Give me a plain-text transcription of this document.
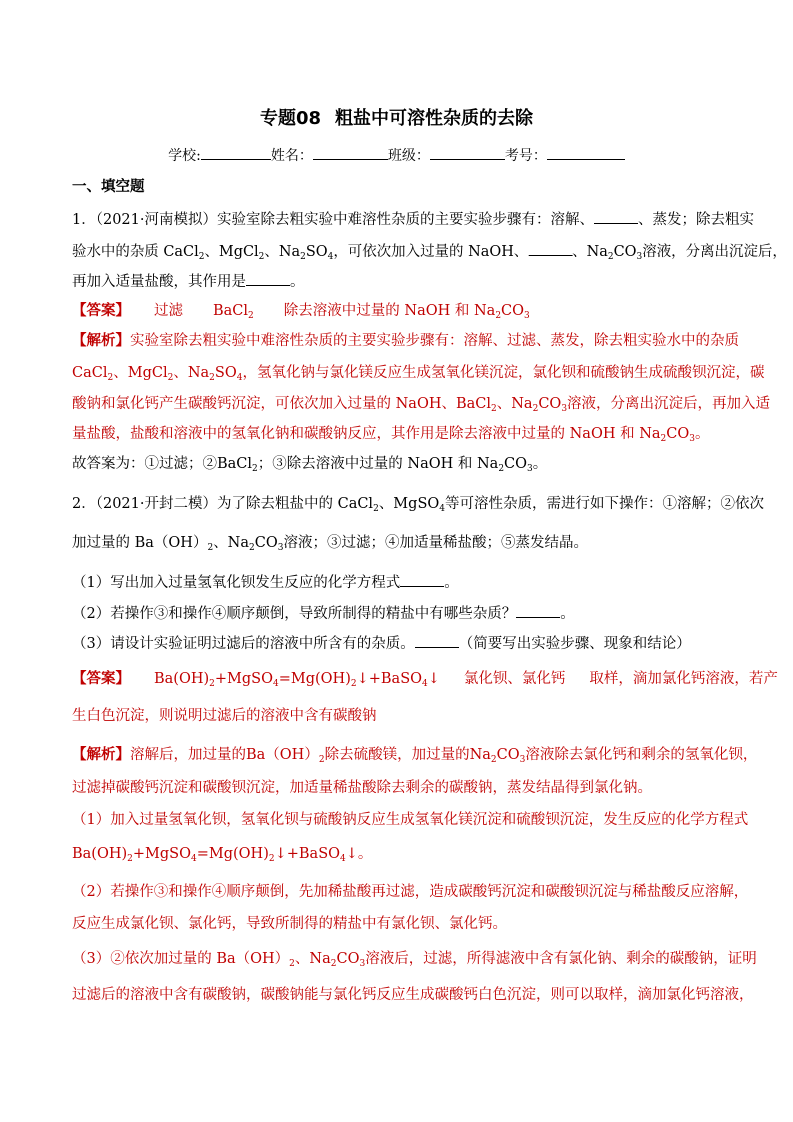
专题08 粗盐中可溶性杂质的去除
学校:	姓名：	班级：	考号：
一、填空题
1．（2021·河南模拟）实验室除去粗实验中难溶性杂质的主要实验步骤有：溶解、	、蒸发；除去粗实
验水中的杂质 CaCl$_2$、MgCl$_2$、$Na_2SO_4$，可依次加入过量的 NaOH、	、$Na_2CO_3$溶液，分离出沉淀后，
再加入适量盐酸，其作用是	。
【答案】 过滤 BaCl$_2$ 除去溶液中过量的 NaOH 和 $Na_2CO_3$
【解析】实验室除去粗实验中难溶性杂质的主要实验步骤有：溶解、过滤、蒸发，除去粗实验水中的杂质
CaCl$_2$、MgCl$_2$、$Na_2SO_4$，氢氧化钠与氯化镁反应生成氢氧化镁沉淀，氯化钡和硫酸钠生成硫酸钡沉淀，碳
酸钠和氯化钙产生碳酸钙沉淀，可依次加入过量的 NaOH、BaCl$_2$、$Na_2CO_3$溶液，分离出沉淀后，再加入适
量盐酸，盐酸和溶液中的氢氧化钠和碳酸钠反应，其作用是除去溶液中过量的 NaOH 和 $Na_2CO_3$。
故答案为：①过滤；②BaCl$_2$；③除去溶液中过量的 NaOH 和 $Na_2CO_3$。
2．（2021·开封二模）为了除去粗盐中的 CaCl$_2$、MgSO$_4$等可溶性杂质，需进行如下操作：①溶解；②依次
加过量的 $Ba(OH)_2$、$Na_2CO_3$溶液；③过滤；④加适量稀盐酸；⑤蒸发结晶。
（1）写出加入过量氢氧化钡发生反应的化学方程式	。
（2）若操作③和操作④顺序颠倒，导致所制得的精盐中有哪些杂质？	。
（3）请设计实验证明过滤后的溶液中所含有的杂质。	（简要写出实验步骤、现象和结论）
【答案】 $Ba(OH)_2+MgSO_4=Mg(OH)_2↓+BaSO_4↓$ 氯化钡、氯化钙 取样，滴加氯化钙溶液，若产
生白色沉淀，则说明过滤后的溶液中含有碳酸钠
【解析】溶解后，加过量的$Ba(OH)_2$除去硫酸镁，加过量的$Na_2CO_3$溶液除去氯化钙和剩余的氢氧化钡，
过滤掉碳酸钙沉淀和碳酸钡沉淀，加适量稀盐酸除去剩余的碳酸钠，蒸发结晶得到氯化钠。
（1）加入过量氢氧化钡，氢氧化钡与硫酸钠反应生成氢氧化镁沉淀和硫酸钡沉淀，发生反应的化学方程式
$Ba(OH)_2+MgSO_4=Mg(OH)_2↓+BaSO_4↓$。
（2）若操作③和操作④顺序颠倒，先加稀盐酸再过滤，造成碳酸钙沉淀和碳酸钡沉淀与稀盐酸反应溶解，
反应生成氯化钡、氯化钙，导致所制得的精盐中有氯化钡、氯化钙。
（3）②依次加过量的 $Ba(OH)_2$、$Na_2CO_3$溶液后，过滤，所得滤液中含有氯化钠、剩余的碳酸钠，证明
过滤后的溶液中含有碳酸钠，碳酸钠能与氯化钙反应生成碳酸钙白色沉淀，则可以取样，滴加氯化钙溶液，
